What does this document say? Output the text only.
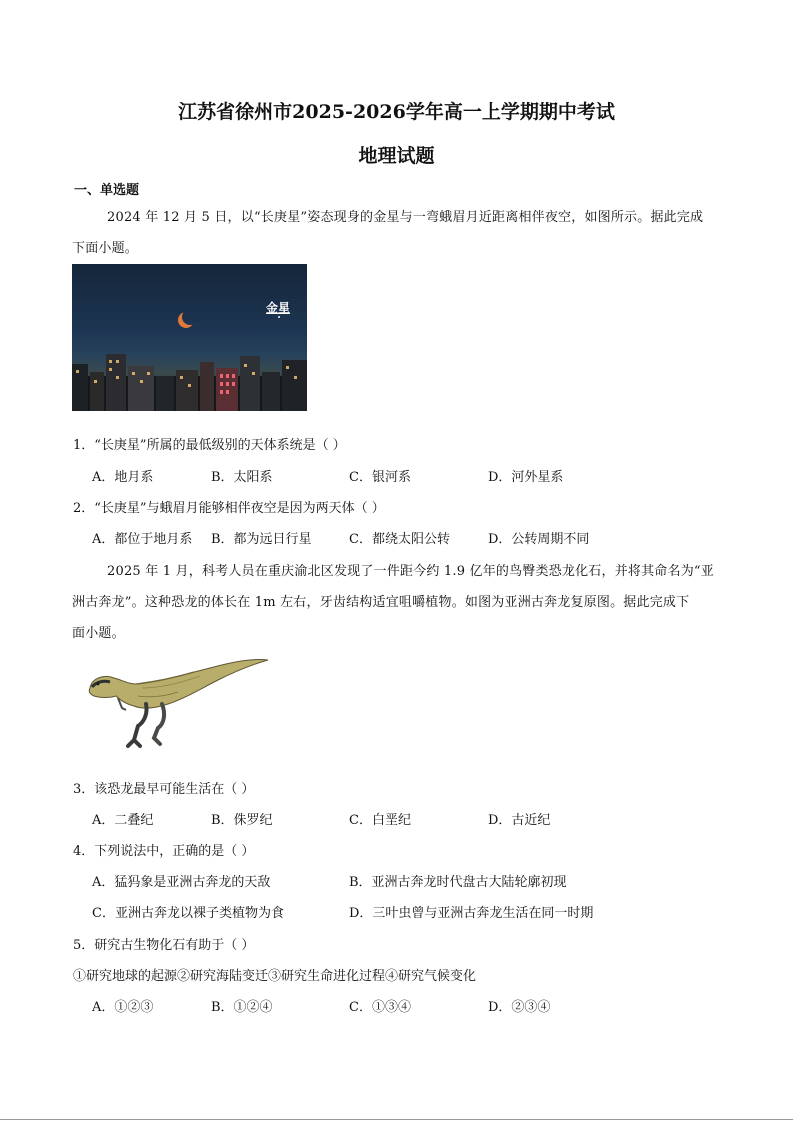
江苏省徐州市2025-2026学年高一上学期期中考试
地理试题
一、单选题
2024 年 12 月 5 日，以“长庚星”姿态现身的金星与一弯蛾眉月近距离相伴夜空，如图所示。据此完成
下面小题。
金星
1．“长庚星”所属的最低级别的天体系统是（ ）
A．地月系	B．太阳系	C．银河系	D．河外星系
2．“长庚星”与蛾眉月能够相伴夜空是因为两天体（ ）
A．都位于地月系 B．都为远日行星	C．都绕太阳公转	D．公转周期不同
2025 年 1 月，科考人员在重庆渝北区发现了一件距今约 1.9 亿年的鸟臀类恐龙化石，并将其命名为“亚
洲古奔龙”。这种恐龙的体长在 1m 左右，牙齿结构适宜咀嚼植物。如图为亚洲古奔龙复原图。据此完成下
面小题。
3．该恐龙最早可能生活在（ ）
A．二叠纪	B．侏罗纪	C．白垩纪	D．古近纪
4．下列说法中，正确的是（ ）
A．猛犸象是亚洲古奔龙的天敌	B．亚洲古奔龙时代盘古大陆轮廓初现
C．亚洲古奔龙以裸子类植物为食	D．三叶虫曾与亚洲古奔龙生活在同一时期
5．研究古生物化石有助于（ ）
①研究地球的起源②研究海陆变迁③研究生命进化过程④研究气候变化
A．①②③	B．①②④	C．①③④	D．②③④
